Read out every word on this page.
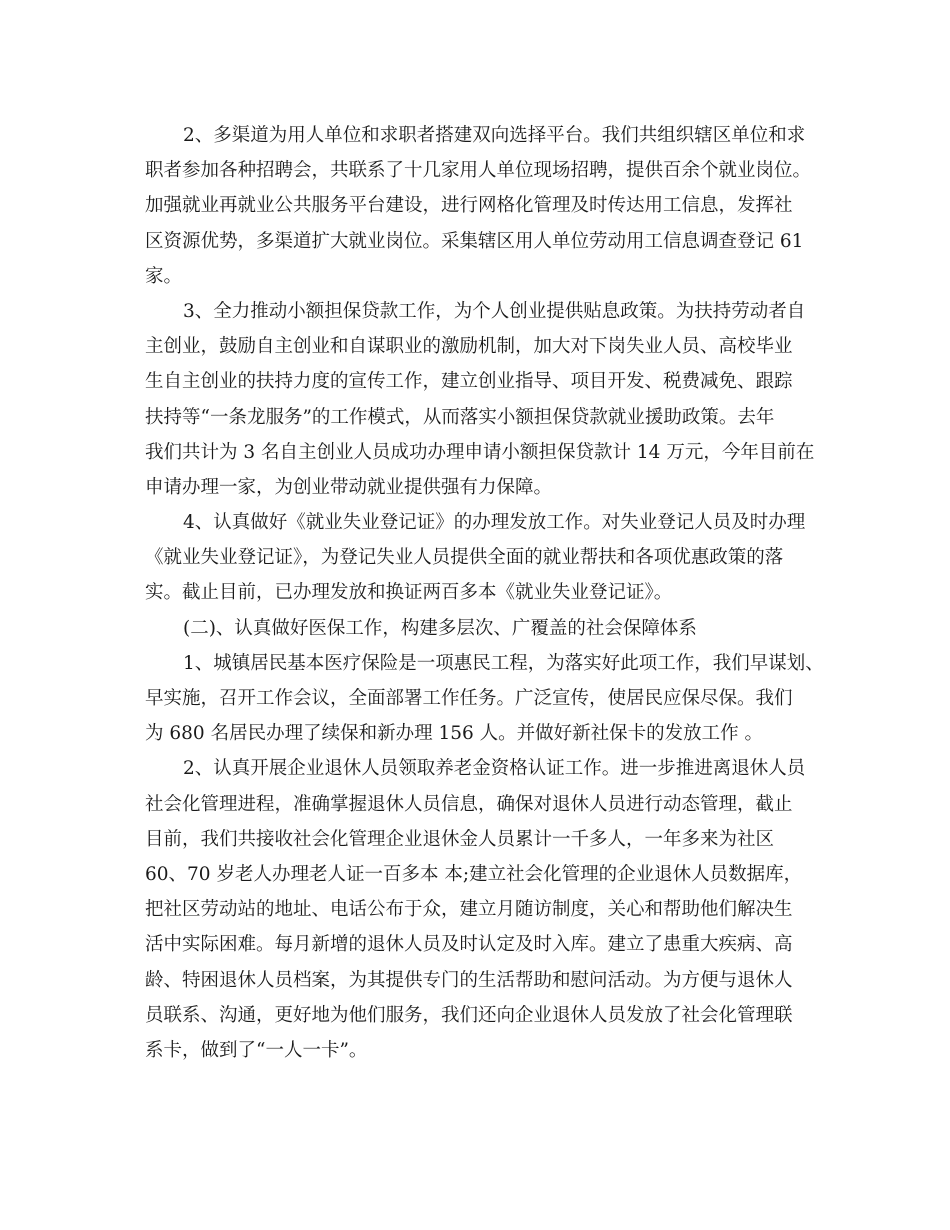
2、多渠道为用人单位和求职者搭建双向选择平台。我们共组织辖区单位和求
职者参加各种招聘会，共联系了十几家用人单位现场招聘，提供百余个就业岗位。
加强就业再就业公共服务平台建设，进行网格化管理及时传达用工信息，发挥社
区资源优势，多渠道扩大就业岗位。采集辖区用人单位劳动用工信息调查登记 61
家。
3、全力推动小额担保贷款工作，为个人创业提供贴息政策。为扶持劳动者自
主创业，鼓励自主创业和自谋职业的激励机制，加大对下岗失业人员、高校毕业
生自主创业的扶持力度的宣传工作，建立创业指导、项目开发、税费减免、跟踪
扶持等“一条龙服务”的工作模式，从而落实小额担保贷款就业援助政策。去年
我们共计为 3 名自主创业人员成功办理申请小额担保贷款计 14 万元，今年目前在
申请办理一家，为创业带动就业提供强有力保障。
4、认真做好《就业失业登记证》的办理发放工作。对失业登记人员及时办理
《就业失业登记证》，为登记失业人员提供全面的就业帮扶和各项优惠政策的落
实。截止目前，已办理发放和换证两百多本《就业失业登记证》。
(二)、认真做好医保工作，构建多层次、广覆盖的社会保障体系
1、城镇居民基本医疗保险是一项惠民工程，为落实好此项工作，我们早谋划、
早实施，召开工作会议，全面部署工作任务。广泛宣传，使居民应保尽保。我们
为 680 名居民办理了续保和新办理 156 人。并做好新社保卡的发放工作 。
2、认真开展企业退休人员领取养老金资格认证工作。进一步推进离退休人员
社会化管理进程，准确掌握退休人员信息，确保对退休人员进行动态管理，截止
目前，我们共接收社会化管理企业退休金人员累计一千多人，一年多来为社区
60、70 岁老人办理老人证一百多本 本;建立社会化管理的企业退休人员数据库，
把社区劳动站的地址、电话公布于众，建立月随访制度，关心和帮助他们解决生
活中实际困难。每月新增的退休人员及时认定及时入库。建立了患重大疾病、高
龄、特困退休人员档案，为其提供专门的生活帮助和慰问活动。为方便与退休人
员联系、沟通，更好地为他们服务，我们还向企业退休人员发放了社会化管理联
系卡，做到了“一人一卡”。
